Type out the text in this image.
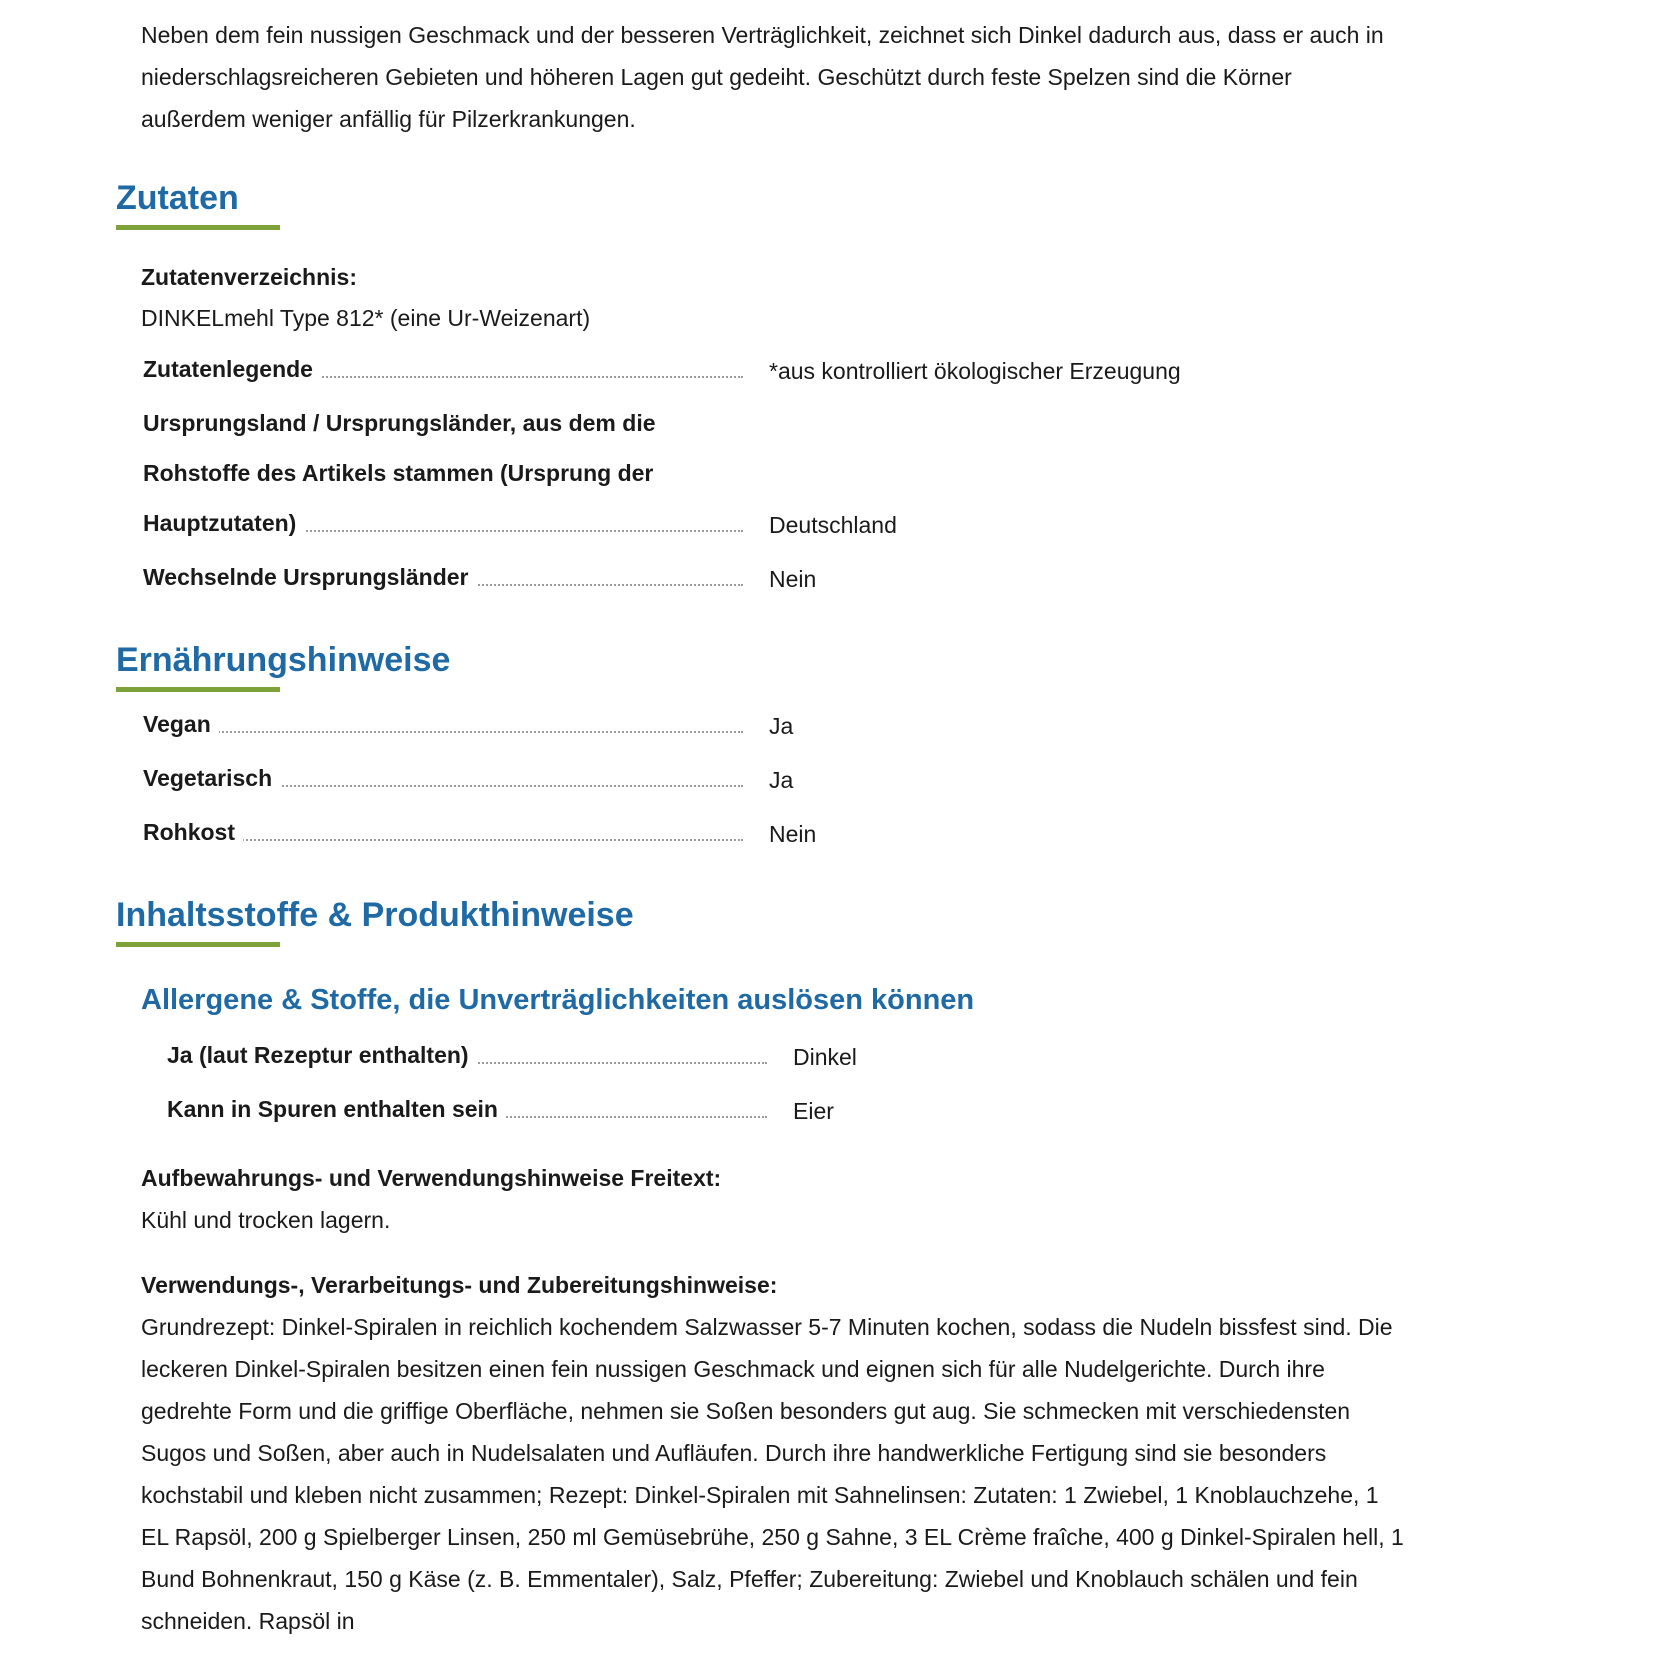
Neben dem fein nussigen Geschmack und der besseren Verträglichkeit, zeichnet sich Dinkel dadurch aus, dass er auch in niederschlagsreicheren Gebieten und höheren Lagen gut gedeiht. Geschützt durch feste Spelzen sind die Körner außerdem weniger anfällig für Pilzerkrankungen.

Zutaten
Zutatenverzeichnis:
DINKELmehl Type 812* (eine Ur-Weizenart)
Zutatenlegende	*aus kontrolliert ökologischer Erzeugung
Ursprungsland / Ursprungsländer, aus dem die
Rohstoffe des Artikels stammen (Ursprung der
Hauptzutaten)	Deutschland
Wechselnde Ursprungsländer	Nein
Ernährungshinweise
Vegan	Ja
Vegetarisch	Ja
Rohkost	Nein
Inhaltsstoffe & Produkthinweise
Allergene & Stoffe, die Unverträglichkeiten auslösen können
Ja (laut Rezeptur enthalten)	Dinkel
Kann in Spuren enthalten sein	Eier
Aufbewahrungs- und Verwendungshinweise Freitext:
Kühl und trocken lagern.
Verwendungs-, Verarbeitungs- und Zubereitungshinweise:

Grundrezept: Dinkel-Spiralen in reichlich kochendem Salzwasser 5-7 Minuten kochen, sodass die Nudeln bissfest sind. Die leckeren Dinkel-Spiralen besitzen einen fein nussigen Geschmack und eignen sich für alle Nudelgerichte. Durch ihre gedrehte Form und die griffige Oberfläche, nehmen sie Soßen besonders gut aug. Sie schmecken mit verschiedensten Sugos und Soßen, aber auch in Nudelsalaten und Aufläufen. Durch ihre handwerkliche Fertigung sind sie besonders kochstabil und kleben nicht zusammen; Rezept: Dinkel-Spiralen mit Sahnelinsen: Zutaten: 1 Zwiebel, 1 Knoblauchzehe, 1 EL Rapsöl, 200 g Spielberger Linsen, 250 ml Gemüsebrühe, 250 g Sahne, 3 EL Crème fraîche, 400 g Dinkel-Spiralen hell, 1 Bund Bohnenkraut, 150 g Käse (z. B. Emmentaler), Salz, Pfeffer; Zubereitung: Zwiebel und Knoblauch schälen und fein schneiden. Rapsöl in
